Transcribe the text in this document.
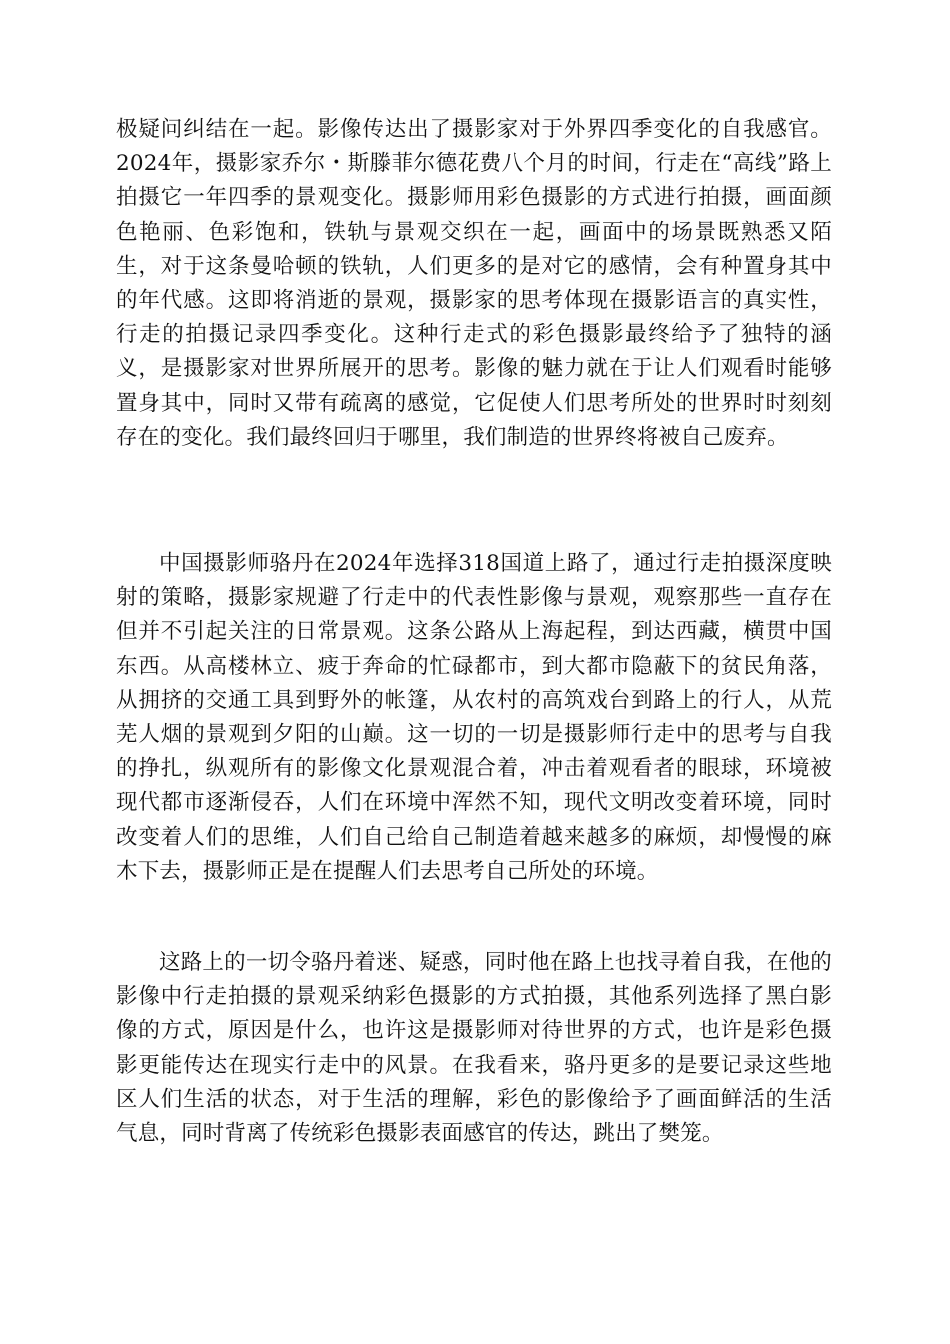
极疑问纠结在一起。影像传达出了摄影家对于外界四季变化的自我感官。2024年，摄影家乔尔・斯滕菲尔德花费八个月的时间，行走在“高线”路上拍摄它一年四季的景观变化。摄影师用彩色摄影的方式进行拍摄，画面颜色艳丽、色彩饱和，铁轨与景观交织在一起，画面中的场景既熟悉又陌生，对于这条曼哈顿的铁轨，人们更多的是对它的感情，会有种置身其中的年代感。这即将消逝的景观，摄影家的思考体现在摄影语言的真实性，行走的拍摄记录四季变化。这种行走式的彩色摄影最终给予了独特的涵义，是摄影家对世界所展开的思考。影像的魅力就在于让人们观看时能够置身其中，同时又带有疏离的感觉，它促使人们思考所处的世界时时刻刻存在的变化。我们最终回归于哪里，我们制造的世界终将被自己废弃。

中国摄影师骆丹在2024年选择318国道上路了，通过行走拍摄深度映射的策略，摄影家规避了行走中的代表性影像与景观，观察那些一直存在但并不引起关注的日常景观。这条公路从上海起程，到达西藏，横贯中国东西。从高楼林立、疲于奔命的忙碌都市，到大都市隐蔽下的贫民角落，从拥挤的交通工具到野外的帐篷，从农村的高筑戏台到路上的行人，从荒芜人烟的景观到夕阳的山巅。这一切的一切是摄影师行走中的思考与自我的挣扎，纵观所有的影像文化景观混合着，冲击着观看者的眼球，环境被现代都市逐渐侵吞，人们在环境中浑然不知，现代文明改变着环境，同时改变着人们的思维，人们自己给自己制造着越来越多的麻烦，却慢慢的麻木下去，摄影师正是在提醒人们去思考自己所处的环境。

这路上的一切令骆丹着迷、疑惑，同时他在路上也找寻着自我，在他的影像中行走拍摄的景观采纳彩色摄影的方式拍摄，其他系列选择了黑白影像的方式，原因是什么，也许这是摄影师对待世界的方式，也许是彩色摄影更能传达在现实行走中的风景。在我看来，骆丹更多的是要记录这些地区人们生活的状态，对于生活的理解，彩色的影像给予了画面鲜活的生活气息，同时背离了传统彩色摄影表面感官的传达，跳出了樊笼。
